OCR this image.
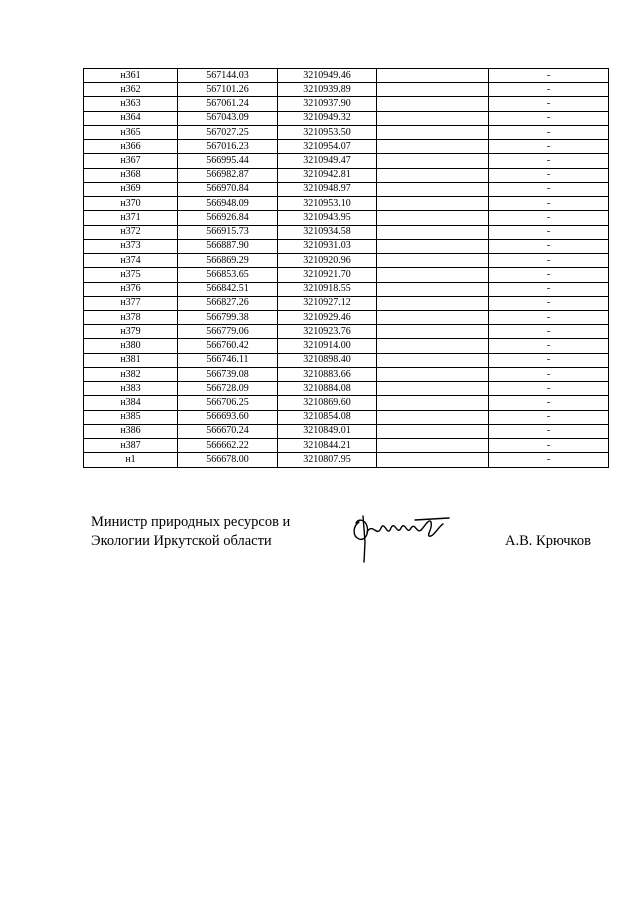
н361	567144.03	3210949.46		-
н362	567101.26	3210939.89		-
н363	567061.24	3210937.90		-
н364	567043.09	3210949.32		-
н365	567027.25	3210953.50		-
н366	567016.23	3210954.07		-
н367	566995.44	3210949.47		-
н368	566982.87	3210942.81		-
н369	566970.84	3210948.97		-
н370	566948.09	3210953.10		-
н371	566926.84	3210943.95		-
н372	566915.73	3210934.58		-
н373	566887.90	3210931.03		-
н374	566869.29	3210920.96		-
н375	566853.65	3210921.70		-
н376	566842.51	3210918.55		-
н377	566827.26	3210927.12		-
н378	566799.38	3210929.46		-
н379	566779.06	3210923.76		-
н380	566760.42	3210914.00		-
н381	566746.11	3210898.40		-
н382	566739.08	3210883.66		-
н383	566728.09	3210884.08		-
н384	566706.25	3210869.60		-
н385	566693.60	3210854.08		-
н386	566670.24	3210849.01		-
н387	566662.22	3210844.21		-
н1	566678.00	3210807.95		-
Министр природных ресурсов и
Экологии Иркутской области	А.В. Крючков
